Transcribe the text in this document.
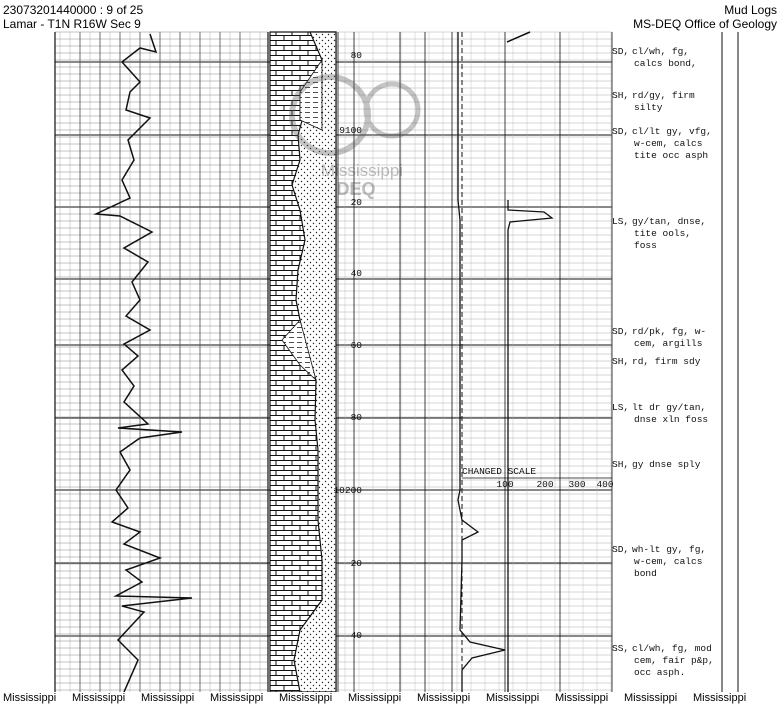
23073201440000 : 9 of 25
Lamar - T1N R16W Sec 9
Mud Logs
MS-DEQ Office of Geology
Mississippi
DEQ
80
9100
20
40
60
80
10200
20
40
CHANGED SCALE
100 200 300 400
SD, cl/wh, fg,
calcs bond,
SH, rd/gy, firm
silty
SD, cl/lt gy, vfg,
w-cem, calcs
tite occ asph
LS, gy/tan, dnse,
tite ools,
foss
SD, rd/pk, fg, w-
cem, argills
SH, rd, firm sdy
LS, lt dr gy/tan,
dnse xln foss
SH, gy dnse sply
SD, wh-lt gy, fg,
w-cem, calcs
bond
SS, cl/wh, fg, mod
cem, fair p&p,
occ asph.
Mississippi Mississippi Mississippi Mississippi Mississippi Mississippi Mississippi Mississippi Mississippi Mississippi Mississippi
